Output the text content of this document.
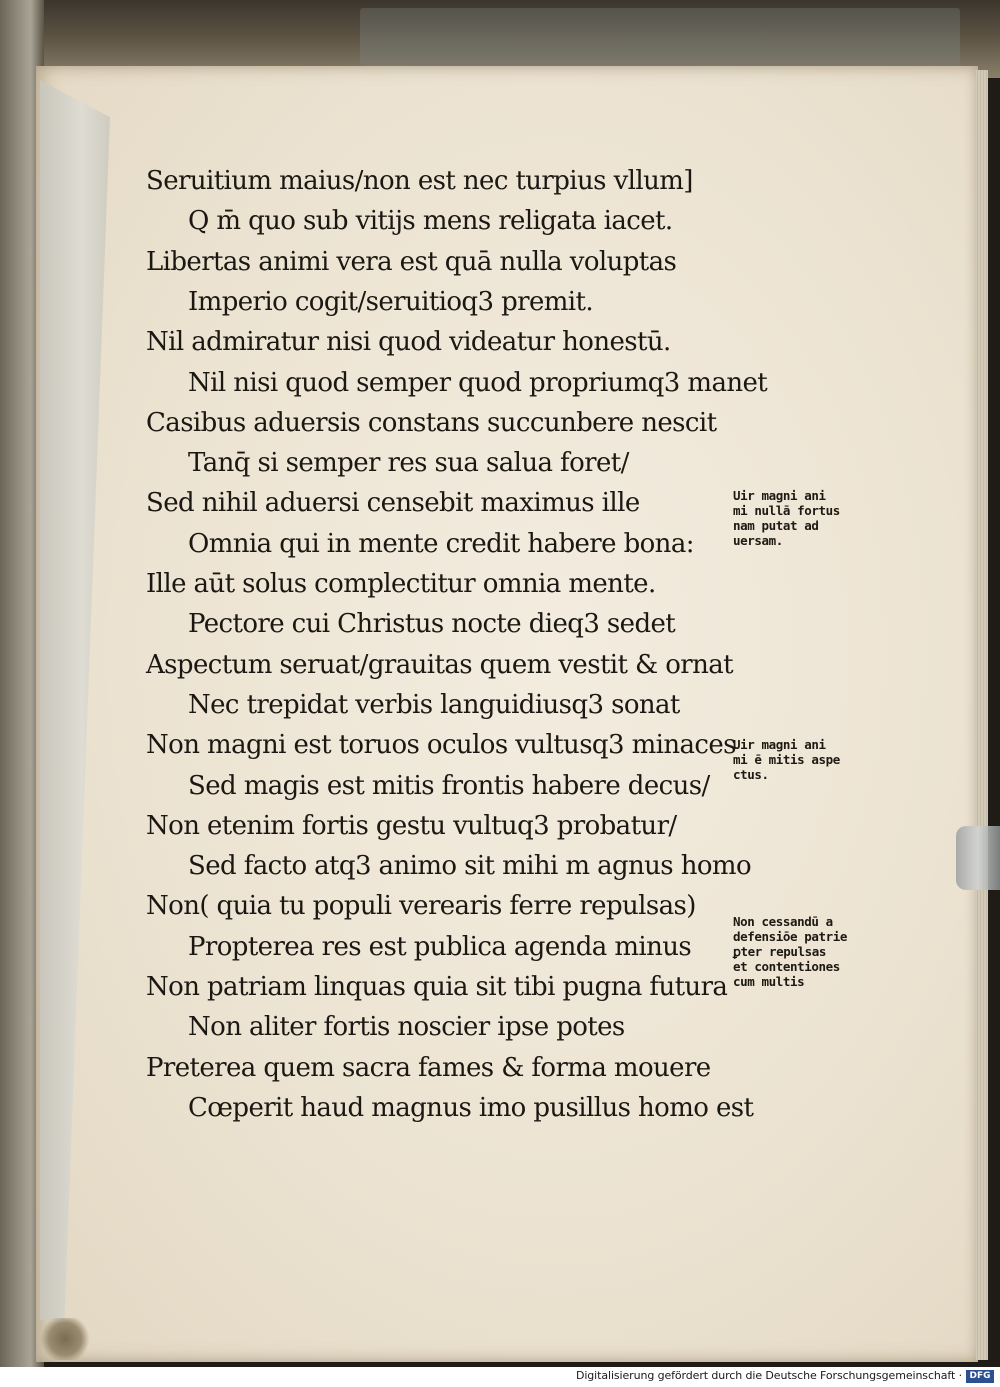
Seruitium maius/non est nec turpius vllum]
Q m̄ quo sub vitijs mens religata iacet.
Libertas animi vera est quā nulla voluptas
Imperio cogit/seruitioq3 premit.
Nil admiratur nisi quod videatur honestū.
Nil nisi quod semper quod propriumq3 manet
Casibus aduersis constans succunbere nescit
Tanq̄ si semper res sua salua foret/
Sed nihil aduersi censebit maximus ille
Omnia qui in mente credit habere bona:
Ille aūt solus complectitur omnia mente.
Pectore cui Christus nocte dieq3 sedet
Aspectum seruat/grauitas quem vestit & ornat
Nec trepidat verbis languidiusq3 sonat
Non magni est toruos oculos vultusq3 minaces
Sed magis est mitis frontis habere decus/
Non etenim fortis gestu vultuq3 probatur/
Sed facto atq3 animo sit mihi m agnus homo
Non( quia tu populi verearis ferre repulsas)
Propterea res est publica agenda minus
Non patriam linquas quia sit tibi pugna futura
Non aliter fortis noscier ipse potes
Preterea quem sacra fames & forma mouere
Cœperit haud magnus imo pusillus homo est
Uir magni ani
mi nullā fortus
nam putat ad
uersam.
Uir magni ani
mi ē mitis aspe
ctus.
Non cessandū a
defensiōe patrie
ꝑter repulsas
et contentiones
cum multis
Digitalisierung gefördert durch die Deutsche Forschungsgemeinschaft · DFG
